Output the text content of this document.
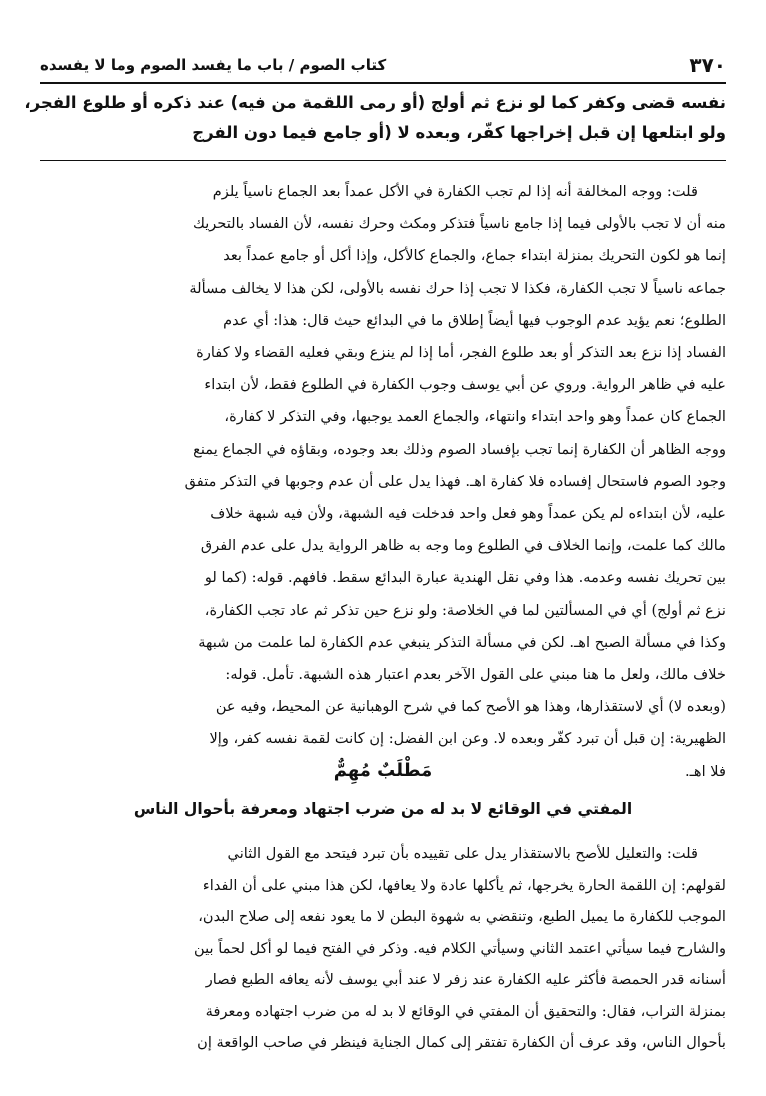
٣٧٠
كتاب الصوم / باب ما يفسد الصوم وما لا يفسده

نفسه قضى وكفر كما لو نزع ثم أولج (أو رمى اللقمة من فيه) عند ذكره أو طلوع الفجر،

ولو ابتلعها إن قبل إخراجها كفّر، وبعده لا (أو جامع فيما دون الفرج

قلت: ووجه المخالفة أنه إذا لم تجب الكفارة في الأكل عمداً بعد الجماع ناسياً يلزم

منه أن لا تجب بالأولى فيما إذا جامع ناسياً فتذكر ومكث وحرك نفسه، لأن الفساد بالتحريك

إنما هو لكون التحريك بمنزلة ابتداء جماع، والجماع كالأكل، وإذا أكل أو جامع عمداً بعد

جماعه ناسياً لا تجب الكفارة، فكذا لا تجب إذا حرك نفسه بالأولى، لكن هذا لا يخالف مسألة

الطلوع؛ نعم يؤيد عدم الوجوب فيها أيضاً إطلاق ما في البدائع حيث قال: هذا: أي عدم

الفساد إذا نزع بعد التذكر أو بعد طلوع الفجر، أما إذا لم ينزع وبقي فعليه القضاء ولا كفارة

عليه في ظاهر الرواية. وروي عن أبي يوسف وجوب الكفارة في الطلوع فقط، لأن ابتداء

الجماع كان عمداً وهو واحد ابتداء وانتهاء، والجماع العمد يوجبها، وفي التذكر لا كفارة،

ووجه الظاهر أن الكفارة إنما تجب بإفساد الصوم وذلك بعد وجوده، وبقاؤه في الجماع يمنع

وجود الصوم فاستحال إفساده فلا كفارة اهـ. فهذا يدل على أن عدم وجوبها في التذكر متفق

عليه، لأن ابتداءه لم يكن عمداً وهو فعل واحد فدخلت فيه الشبهة، ولأن فيه شبهة خلاف

مالك كما علمت، وإنما الخلاف في الطلوع وما وجه به ظاهر الرواية يدل على عدم الفرق

بين تحريك نفسه وعدمه. هذا وفي نقل الهندية عبارة البدائع سقط. فافهم. قوله: (كما لو

نزع ثم أولج) أي في المسألتين لما في الخلاصة: ولو نزع حين تذكر ثم عاد تجب الكفارة،

وكذا في مسألة الصبح اهـ. لكن في مسألة التذكر ينبغي عدم الكفارة لما علمت من شبهة

خلاف مالك، ولعل ما هنا مبني على القول الآخر بعدم اعتبار هذه الشبهة. تأمل. قوله:

(وبعده لا) أي لاستقذارها، وهذا هو الأصح كما في شرح الوهبانية عن المحيط، وفيه عن

الظهيرية: إن قبل أن تبرد كفّر وبعده لا. وعن ابن الفضل: إن كانت لقمة نفسه كفر، وإلا

فلا اهـ.

مَطْلَبٌ مُهِمٌّ
المفتي في الوقائع لا بد له من ضرب اجتهاد ومعرفة بأحوال الناس

قلت: والتعليل للأصح بالاستقذار يدل على تقييده بأن تبرد فيتحد مع القول الثاني

لقولهم: إن اللقمة الحارة يخرجها، ثم يأكلها عادة ولا يعافها، لكن هذا مبني على أن الفداء

الموجب للكفارة ما يميل الطبع، وتنقضي به شهوة البطن لا ما يعود نفعه إلى صلاح البدن،

والشارح فيما سيأتي اعتمد الثاني وسيأتي الكلام فيه. وذكر في الفتح فيما لو أكل لحماً بين

أسنانه قدر الحمصة فأكثر عليه الكفارة عند زفر لا عند أبي يوسف لأنه يعافه الطبع فصار

بمنزلة التراب، فقال: والتحقيق أن المفتي في الوقائع لا بد له من ضرب اجتهاده ومعرفة

بأحوال الناس، وقد عرف أن الكفارة تفتقر إلى كمال الجناية فينظر في صاحب الواقعة إن
